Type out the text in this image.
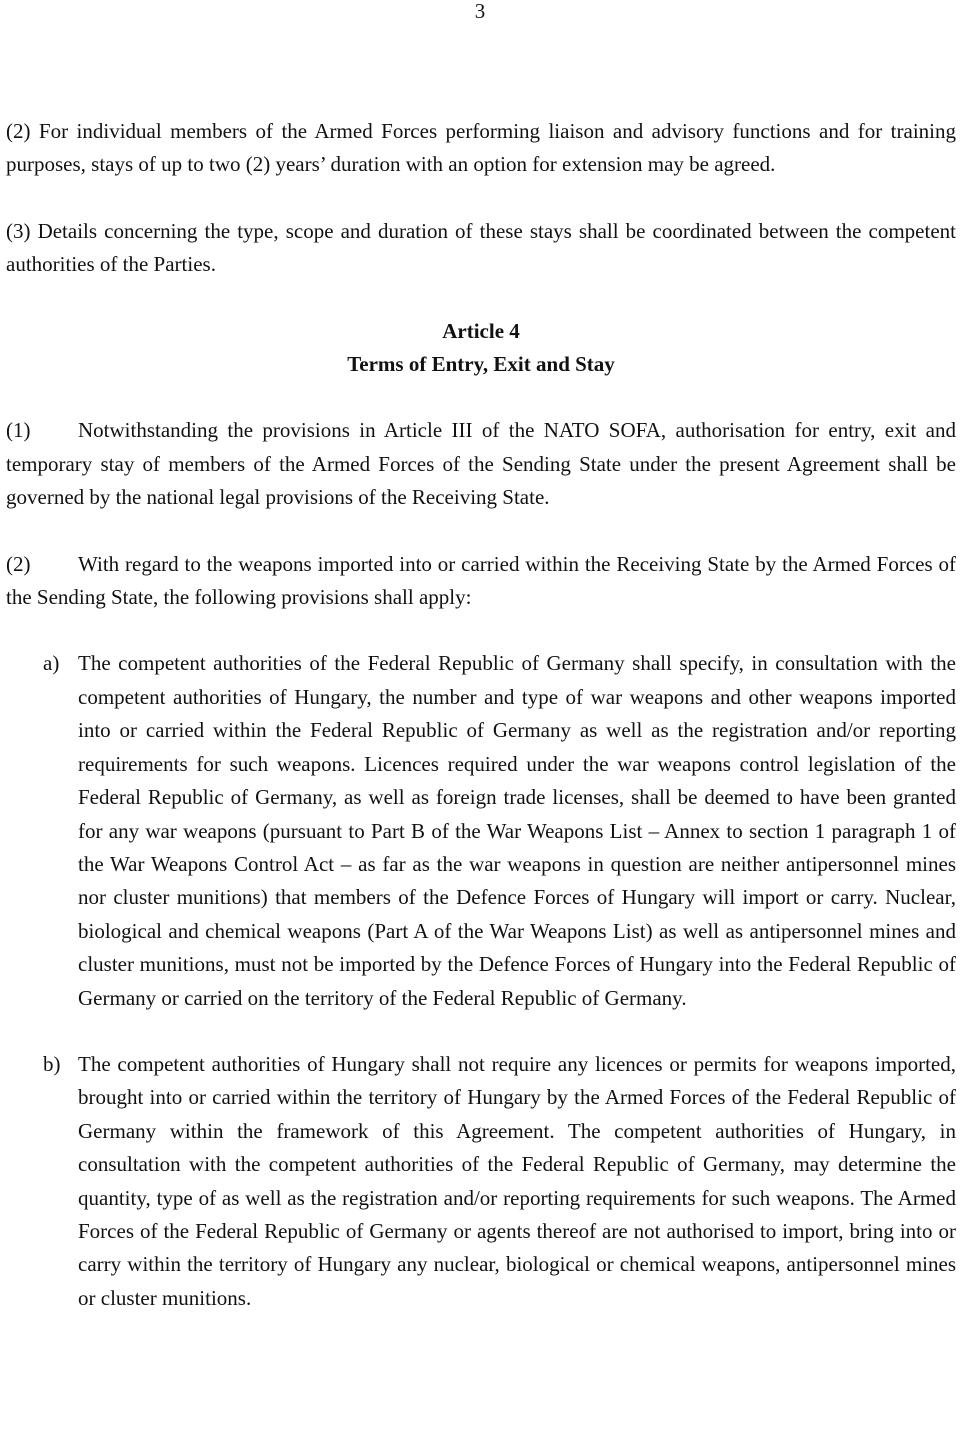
3

(2) For individual members of the Armed Forces performing liaison and advisory functions and for training purposes, stays of up to two (2) years’ duration with an option for extension may be agreed.

(3) Details concerning the type, scope and duration of these stays shall be coordinated between the competent authorities of the Parties.

Article 4
Terms of Entry, Exit and Stay

(1) Notwithstanding the provisions in Article III of the NATO SOFA, authorisation for entry, exit and temporary stay of members of the Armed Forces of the Sending State under the present Agreement shall be governed by the national legal provisions of the Receiving State.

(2) With regard to the weapons imported into or carried within the Receiving State by the Armed Forces of the Sending State, the following provisions shall apply:

a) The competent authorities of the Federal Republic of Germany shall specify, in consultation with the competent authorities of Hungary, the number and type of war weapons and other weapons imported into or carried within the Federal Republic of Germany as well as the registration and/or reporting requirements for such weapons. Licences required under the war weapons control legislation of the Federal Republic of Germany, as well as foreign trade licenses, shall be deemed to have been granted for any war weapons (pursuant to Part B of the War Weapons List – Annex to section 1 paragraph 1 of the War Weapons Control Act – as far as the war weapons in question are neither antipersonnel mines nor cluster munitions) that members of the Defence Forces of Hungary will import or carry. Nuclear, biological and chemical weapons (Part A of the War Weapons List) as well as antipersonnel mines and cluster munitions, must not be imported by the Defence Forces of Hungary into the Federal Republic of Germany or carried on the territory of the Federal Republic of Germany.
b) The competent authorities of Hungary shall not require any licences or permits for weapons imported, brought into or carried within the territory of Hungary by the Armed Forces of the Federal Republic of Germany within the framework of this Agreement. The competent authorities of Hungary, in consultation with the competent authorities of the Federal Republic of Germany, may determine the quantity, type of as well as the registration and/or reporting requirements for such weapons. The Armed Forces of the Federal Republic of Germany or agents thereof are not authorised to import, bring into or carry within the territory of Hungary any nuclear, biological or chemical weapons, antipersonnel mines or cluster munitions.
